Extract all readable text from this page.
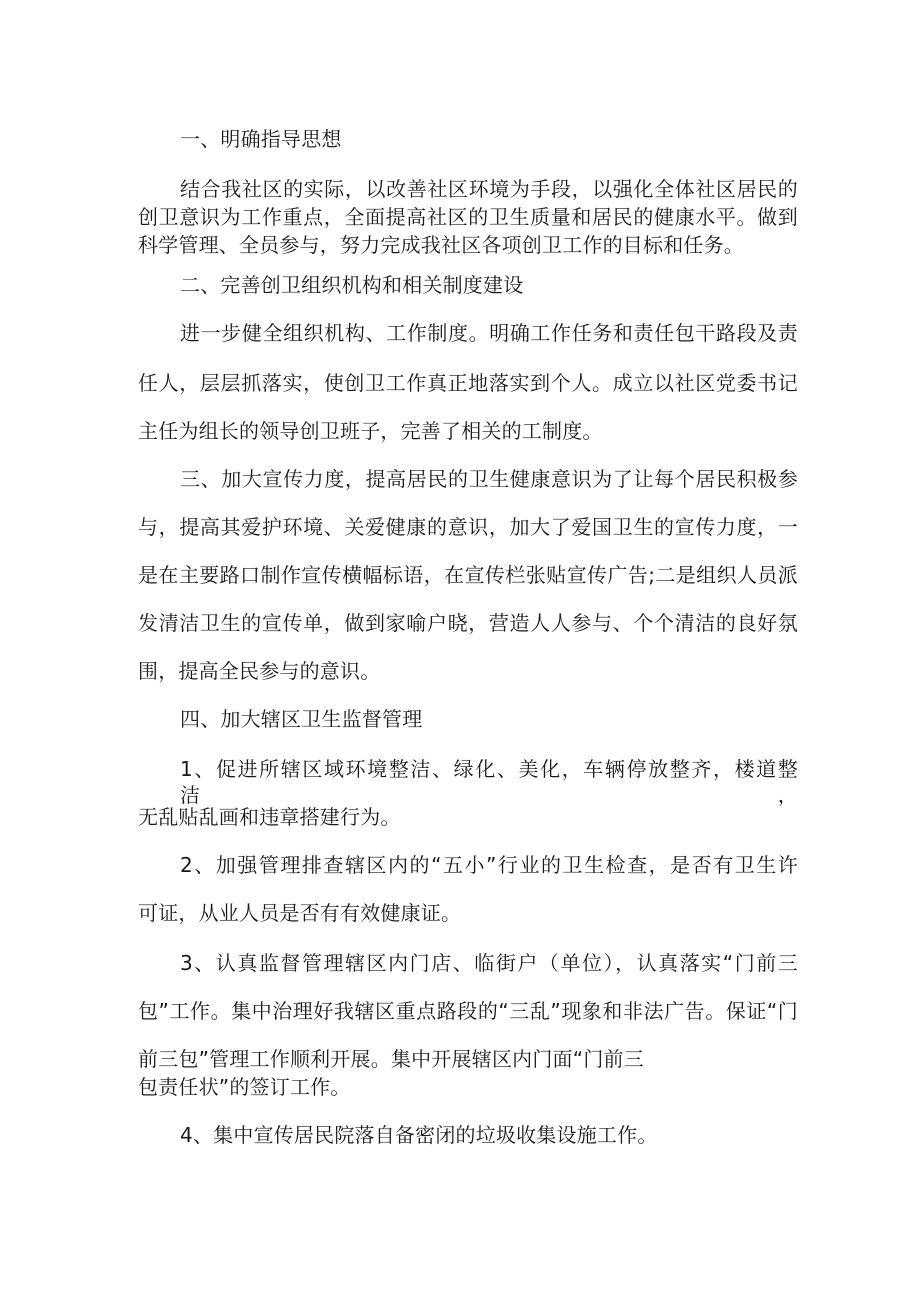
一、明确指导思想
结合我社区的实际，以改善社区环境为手段，以强化全体社区居民的
创卫意识为工作重点，全面提高社区的卫生质量和居民的健康水平。做到
科学管理、全员参与，努力完成我社区各项创卫工作的目标和任务。
二、完善创卫组织机构和相关制度建设
进一步健全组织机构、工作制度。明确工作任务和责任包干路段及责
任人，层层抓落实，使创卫工作真正地落实到个人。成立以社区党委书记
主任为组长的领导创卫班子，完善了相关的工制度。
三、加大宣传力度，提高居民的卫生健康意识为了让每个居民积极参
与，提高其爱护环境、关爱健康的意识，加大了爱国卫生的宣传力度，一
是在主要路口制作宣传横幅标语，在宣传栏张贴宣传广告;二是组织人员派
发清洁卫生的宣传单，做到家喻户晓，营造人人参与、个个清洁的良好氛
围，提高全民参与的意识。
四、加大辖区卫生监督管理
1、促进所辖区域环境整洁、绿化、美化，车辆停放整齐，楼道整洁，
无乱贴乱画和违章搭建行为。
2、加强管理排查辖区内的“五小”行业的卫生检查，是否有卫生许
可证，从业人员是否有有效健康证。
3、认真监督管理辖区内门店、临街户（单位），认真落实“门前三
包”工作。集中治理好我辖区重点路段的“三乱”现象和非法广告。保证“门
前三包”管理工作顺利开展。集中开展辖区内门面“门前三
包责任状”的签订工作。
4、集中宣传居民院落自备密闭的垃圾收集设施工作。
